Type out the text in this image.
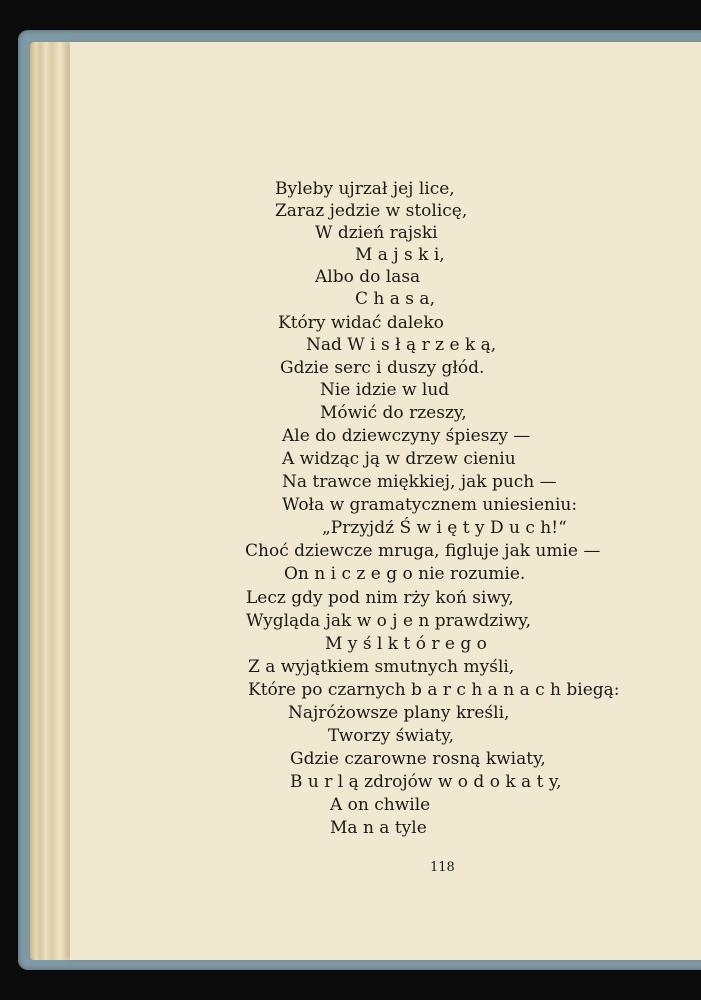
Byleby ujrzał jej lice,
Zaraz jedzie w stolicę,
W dzień rajski
M a j s k i,
Albo do lasa
C h a s a,
Który widać daleko
Nad W i s ł ą r z e k ą,
Gdzie serc i duszy głód.
Nie idzie w lud
Mówić do rzeszy,
Ale do dziewczyny śpieszy —
A widząc ją w drzew cieniu
Na trawce miękkiej, jak puch —
Woła w gramatycznem uniesieniu:
„Przyjdź Ś w i ę t y D u c h!“
Choć dziewcze mruga, figluje jak umie —
On n i c z e g o nie rozumie.
Lecz gdy pod nim rży koń siwy,
Wygląda jak w o j e n prawdziwy,
M y ś l k t ó r e g o
Z a wyjątkiem smutnych myśli,
Które po czarnych b a r c h a n a c h biegą:
Najróżowsze plany kreśli,
Tworzy światy,
Gdzie czarowne rosną kwiaty,
B u r l ą zdrojów w o d o k a t y,
A on chwile
Ma n a tyle
118
